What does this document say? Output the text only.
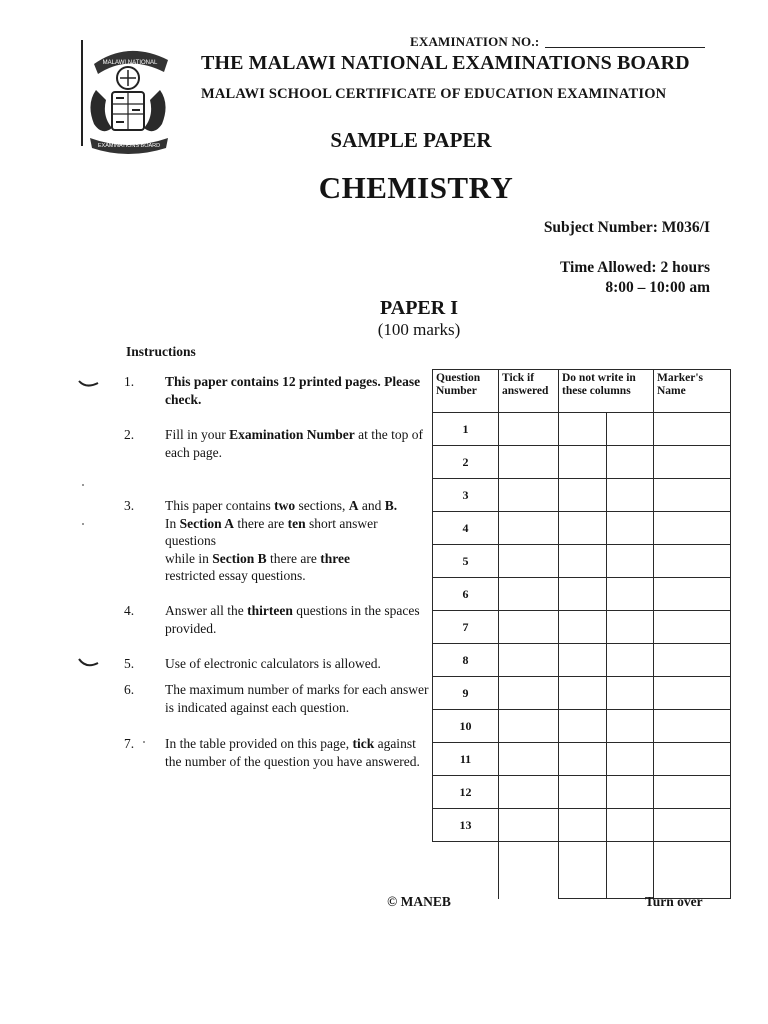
MALAWI NATIONAL
EXAMINATIONS BOARD
EXAMINATION NO.:
THE MALAWI NATIONAL EXAMINATIONS BOARD
MALAWI SCHOOL CERTIFICATE OF EDUCATION EXAMINATION
SAMPLE PAPER
CHEMISTRY
Subject Number: M036/I
Time Allowed: 2 hours
8:00 – 10:00 am
PAPER I
(100 marks)
Instructions
1. This paper contains 12 printed pages. Please check.
2. Fill in your Examination Number at the top of
each page.
3. This paper contains two sections, A and B.
In Section A there are ten short answer questions
while in Section B there are three
restricted essay questions.
4. Answer all the thirteen questions in the spaces provided.
5. Use of electronic calculators is allowed.
6. The maximum number of marks for each answer is indicated against each question.
7. In the table provided on this page, tick against the number of the question you have answered.
Question Number	Tick if answered	Do not write in these columns		Marker's Name
1				
2				
3				
4				
5				
6				
7				
8				
9				
10				
11				
12				
13				

© MANEB	Turn over
